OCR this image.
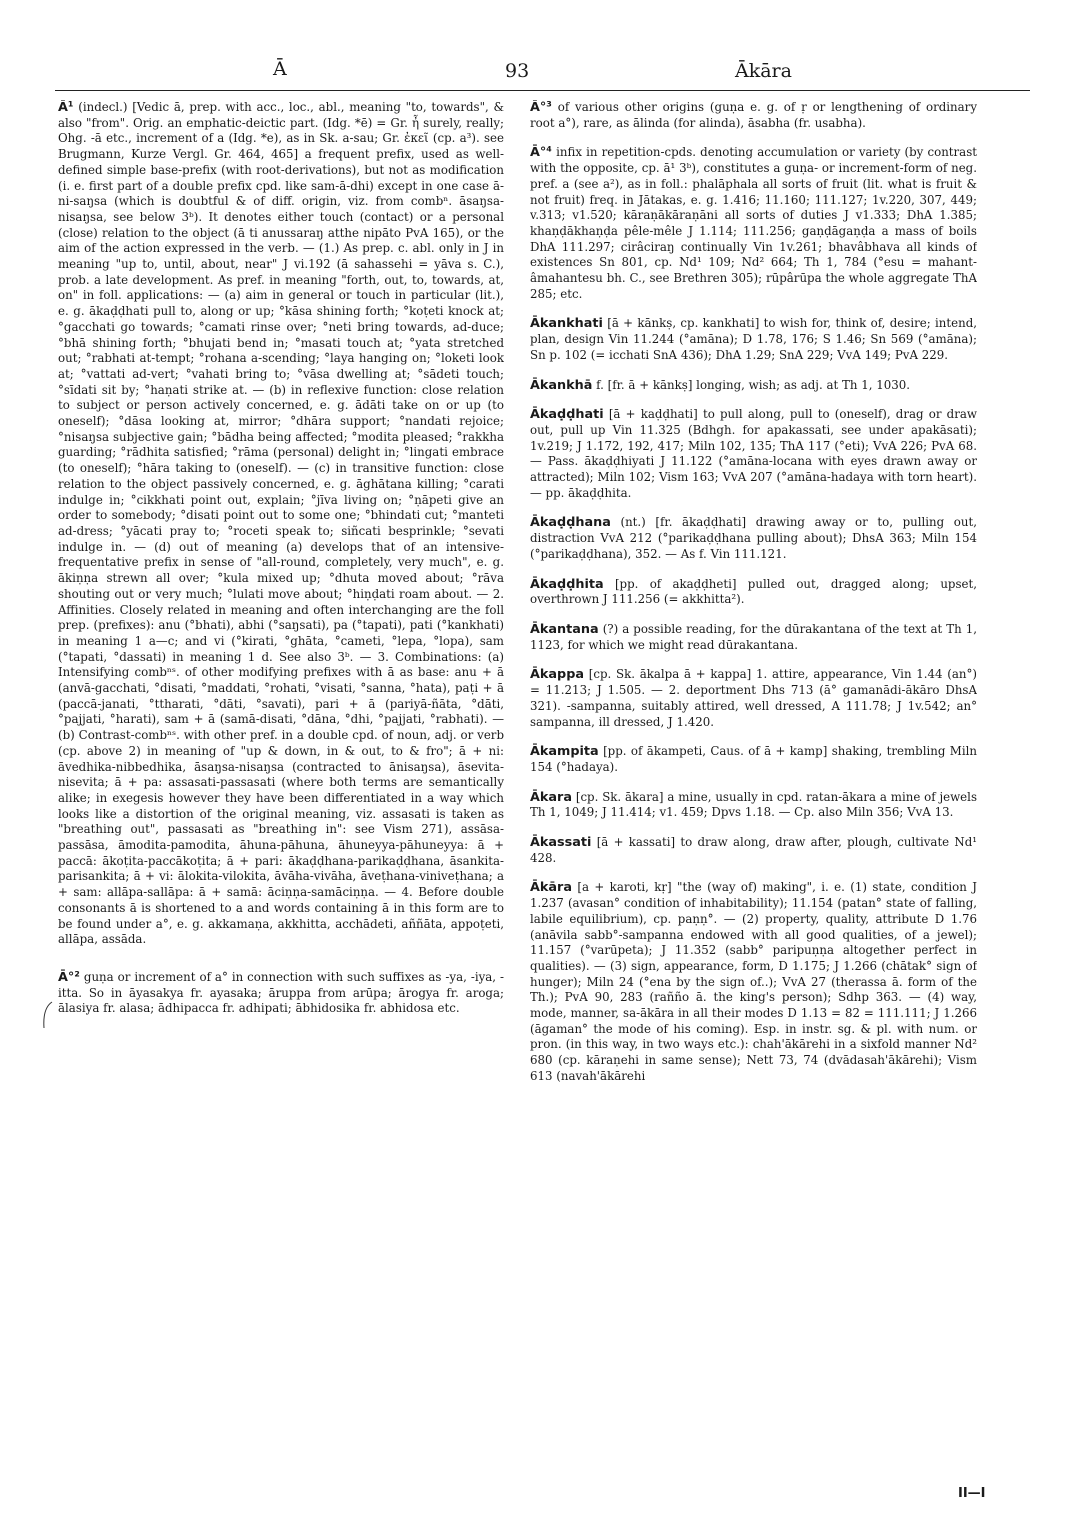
Ā	93	Ākāra

Ā¹ (indecl.) [Vedic ā, prep. with acc., loc., abl., meaning "to, towards", & also "from". Orig. an emphatic-deictic part. (Idg. *ē) = Gr. ἦ surely, really; Ohg. -ā etc., increment of a (Idg. *e), as in Sk. a-sau; Gr. ἐκεῖ (cp. a³). see Brugmann, Kurze Vergl. Gr. 464, 465] a frequent prefix, used as well-defined simple base-prefix (with root-derivations), but not as modification (i. e. first part of a double prefix cpd. like sam-ā-dhi) except in one case ā-ni-saŋsa (which is doubtful & of diff. origin, viz. from combⁿ. āsaŋsa-nisaŋsa, see below 3ᵇ). It denotes either touch (contact) or a personal (close) relation to the object (ā ti anussaraŋ atthe nipāto PvA 165), or the aim of the action expressed in the verb. — (1.) As prep. c. abl. only in J in meaning "up to, until, about, near" J vi.192 (ā sahassehi = yāva s. C.), prob. a late development. As pref. in meaning "forth, out, to, towards, at, on" in foll. applications: — (a) aim in general or touch in particular (lit.), e. g. ākaḍḍhati pull to, along or up; °kāsa shining forth; °koṭeti knock at; °gacchati go towards; °camati rinse over; °neti bring towards, ad-duce; °bhā shining forth; °bhujati bend in; °masati touch at; °yata stretched out; °rabhati at-tempt; °rohana a-scending; °laya hanging on; °loketi look at; °vattati ad-vert; °vahati bring to; °vāsa dwelling at; °sādeti touch; °sīdati sit by; °haṇati strike at. — (b) in reflexive function: close relation to subject or person actively concerned, e. g. ādāti take on or up (to oneself); °dāsa looking at, mirror; °dhāra support; °nandati rejoice; °nisaŋsa subjective gain; °bādha being affected; °modita pleased; °rakkha guarding; °rādhita satisfied; °rāma (personal) delight in; °lingati embrace (to oneself); °hāra taking to (oneself). — (c) in transitive function: close relation to the object passively concerned, e. g. āghātana killing; °carati indulge in; °cikkhati point out, explain; °jīva living on; °ṇāpeti give an order to somebody; °disati point out to some one; °bhindati cut; °manteti ad-dress; °yācati pray to; °roceti speak to; siñcati besprinkle; °sevati indulge in. — (d) out of meaning (a) develops that of an intensive-frequentative prefix in sense of "all-round, completely, very much", e. g. ākiṇṇa strewn all over; °kula mixed up; °dhuta moved about; °rāva shouting out or very much; °lulati move about; °hiṇḍati roam about. — 2. Affinities. Closely related in meaning and often interchanging are the foll prep. (prefixes): anu (°bhati), abhi (°saŋsati), pa (°tapati), pati (°kankhati) in meaning 1 a—c; and vi (°kirati, °ghāta, °cameti, °lepa, °lopa), sam (°tapati, °dassati) in meaning 1 d. See also 3ᵇ. — 3. Combinations: (a) Intensifying combⁿˢ. of other modifying prefixes with ā as base: anu + ā (anvā-gacchati, °disati, °maddati, °rohati, °visati, °sanna, °hata), paṭi + ā (paccā-janati, °ttharati, °dāti, °savati), pari + ā (pariyā-ñāta, °dāti, °pajjati, °harati), sam + ā (samā-disati, °dāna, °dhi, °pajjati, °rabhati). — (b) Contrast-combⁿˢ. with other pref. in a double cpd. of noun, adj. or verb (cp. above 2) in meaning of "up & down, in & out, to & fro"; ā + ni: āvedhika-nibbedhika, āsaŋsa-nisaŋsa (contracted to ānisaŋsa), āsevita-nisevita; ā + pa: assasati-passasati (where both terms are semantically alike; in exegesis however they have been differentiated in a way which looks like a distortion of the original meaning, viz. assasati is taken as "breathing out", passasati as "breathing in": see Vism 271), assāsa-passāsa, āmodita-pamodita, āhuna-pāhuna, āhuneyya-pāhuneyya: ā + paccā: ākoṭita-paccākoṭita; ā + pari: ākaḍḍhana-parikaḍḍhana, āsankita-parisankita; ā + vi: ālokita-vilokita, āvāha-vivāha, āveṭhana-viniveṭhana; a + sam: allāpa-sallāpa: ā + samā: āciṇṇa-samāciṇṇa. — 4. Before double consonants ā is shortened to a and words containing ā in this form are to be found under a°, e. g. akkamaṇa, akkhitta, acchādeti, aññāta, appoṭeti, allāpa, assāda.

Ā°² guṇa or increment of a° in connection with such suffixes as -ya, -iya, -itta. So in āyasakya fr. ayasaka; āruppa from arūpa; ārogya fr. aroga; ālasiya fr. alasa; ādhipacca fr. adhipati; ābhidosika fr. abhidosa etc.

Ā°³ of various other origins (guṇa e. g. of ṛ or lengthening of ordinary root a°), rare, as ālinda (for alinda), āsabha (fr. usabha).

Ā°⁴ infix in repetition-cpds. denoting accumulation or variety (by contrast with the opposite, cp. ā¹ 3ᵇ), constitutes a guṇa- or increment-form of neg. pref. a (see a²), as in foll.: phalāphala all sorts of fruit (lit. what is fruit & not fruit) freq. in Jātakas, e. g. 1.416; 11.160; 111.127; 1v.220, 307, 449; v.313; v1.520; kāraṇākāraṇāni all sorts of duties J v1.333; DhA 1.385; khaṇḍākhaṇḍa pêle-mêle J 1.114; 111.256; gaṇḍāgaṇḍa a mass of boils DhA 111.297; cirâciraŋ continually Vin 1v.261; bhavâbhava all kinds of existences Sn 801, cp. Nd¹ 109; Nd² 664; Th 1, 784 (°esu = mahant-âmahantesu bh. C., see Brethren 305); rūpârūpa the whole aggregate ThA 285; etc.

Ākankhati [ā + kānkṣ, cp. kankhati] to wish for, think of, desire; intend, plan, design Vin 11.244 (°amāna); D 1.78, 176; S 1.46; Sn 569 (°amāna); Sn p. 102 (= icchati SnA 436); DhA 1.29; SnA 229; VvA 149; PvA 229.

Ākankhā f. [fr. ā + kānkṣ] longing, wish; as adj. at Th 1, 1030.

Ākaḍḍhati [ā + kaḍḍhati] to pull along, pull to (oneself), drag or draw out, pull up Vin 11.325 (Bdhgh. for apakassati, see under apakāsati); 1v.219; J 1.172, 192, 417; Miln 102, 135; ThA 117 (°eti); VvA 226; PvA 68. — Pass. ākaḍḍhiyati J 11.122 (°amāna-locana with eyes drawn away or attracted); Miln 102; Vism 163; VvA 207 (°amāna-hadaya with torn heart). — pp. ākaḍḍhita.

Ākaḍḍhana (nt.) [fr. ākaḍḍhati] drawing away or to, pulling out, distraction VvA 212 (°parikaḍḍhana pulling about); DhsA 363; Miln 154 (°parikaḍḍhana), 352. — As f. Vin 111.121.

Ākaḍḍhita [pp. of akaḍḍheti] pulled out, dragged along; upset, overthrown J 111.256 (= akkhitta²).

Ākantana (?) a possible reading, for the dūrakantana of the text at Th 1, 1123, for which we might read dūrakantana.

Ākappa [cp. Sk. ākalpa ā + kappa] 1. attire, appearance, Vin 1.44 (an°) = 11.213; J 1.505. — 2. deportment Dhs 713 (ā° gamanādi-ākāro DhsA 321). -sampanna, suitably attired, well dressed, A 111.78; J 1v.542; an° sampanna, ill dressed, J 1.420.

Ākampita [pp. of ākampeti, Caus. of ā + kamp] shaking, trembling Miln 154 (°hadaya).

Ākara [cp. Sk. ākara] a mine, usually in cpd. ratan-ākara a mine of jewels Th 1, 1049; J 11.414; v1. 459; Dpvs 1.18. — Cp. also Miln 356; VvA 13.

Ākassati [ā + kassati] to draw along, draw after, plough, cultivate Nd¹ 428.

Ākāra [a + karoti, kṛ] "the (way of) making", i. e. (1) state, condition J 1.237 (avasan° condition of inhabitability); 11.154 (patan° state of falling, labile equilibrium), cp. paṇṇ°. — (2) property, quality, attribute D 1.76 (anāvila sabb°-sampanna endowed with all good qualities, of a jewel); 11.157 (°varūpeta); J 11.352 (sabb° paripuṇṇa altogether perfect in qualities). — (3) sign, appearance, form, D 1.175; J 1.266 (chātak° sign of hunger); Miln 24 (°ena by the sign of..); VvA 27 (therassa ā. form of the Th.); PvA 90, 283 (rañño ā. the king's person); Sdhp 363. — (4) way, mode, manner, sa-ākāra in all their modes D 1.13 = 82 = 111.111; J 1.266 (āgaman° the mode of his coming). Esp. in instr. sg. & pl. with num. or pron. (in this way, in two ways etc.): chah'ākārehi in a sixfold manner Nd² 680 (cp. kāraṇehi in same sense); Nett 73, 74 (dvādasah'ākārehi); Vism 613 (navah'ākārehi

II—I
